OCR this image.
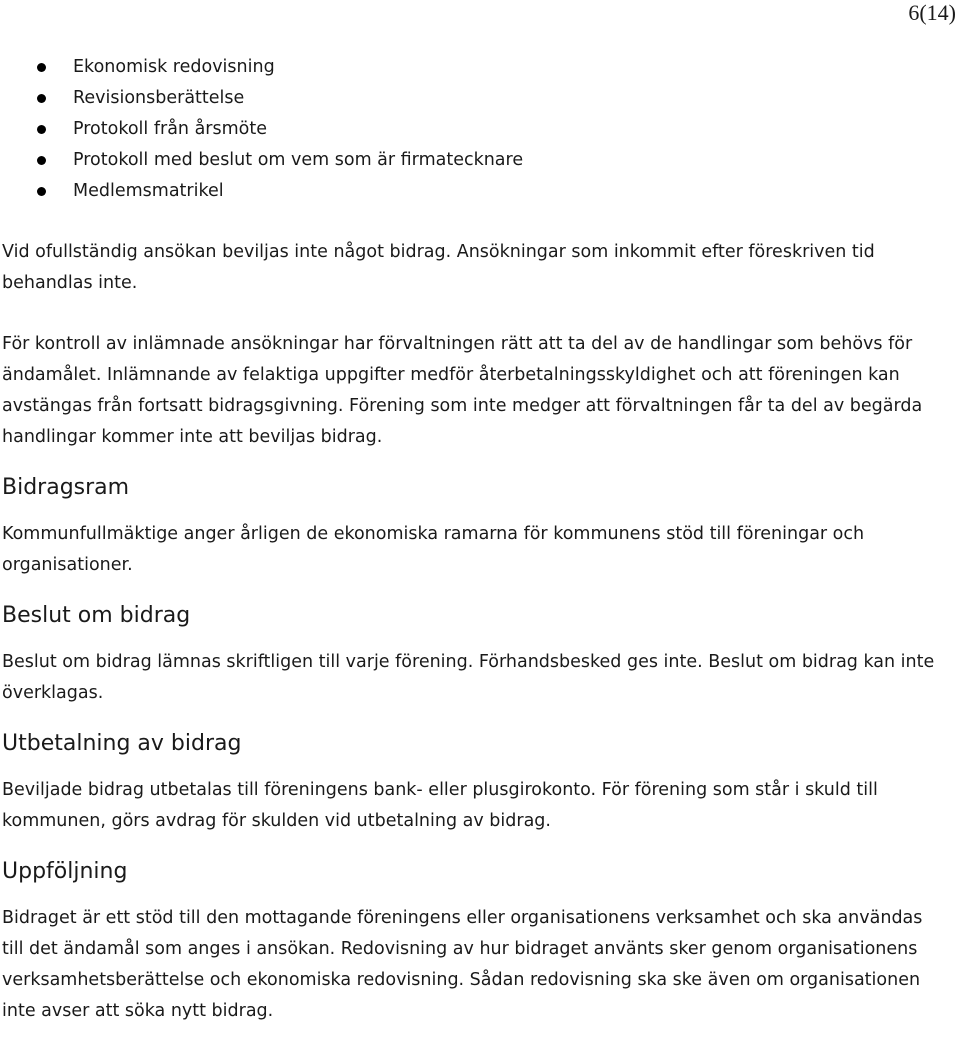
6(14)
Ekonomisk redovisning
Revisionsberättelse
Protokoll från årsmöte
Protokoll med beslut om vem som är firmatecknare
Medlemsmatrikel

Vid ofullständig ansökan beviljas inte något bidrag. Ansökningar som inkommit efter föreskriven tid
behandlas inte.

För kontroll av inlämnade ansökningar har förvaltningen rätt att ta del av de handlingar som behövs för
ändamålet. Inlämnande av felaktiga uppgifter medför återbetalningsskyldighet och att föreningen kan
avstängas från fortsatt bidragsgivning. Förening som inte medger att förvaltningen får ta del av begärda
handlingar kommer inte att beviljas bidrag.

Bidragsram

Kommunfullmäktige anger årligen de ekonomiska ramarna för kommunens stöd till föreningar och
organisationer.

Beslut om bidrag

Beslut om bidrag lämnas skriftligen till varje förening. Förhandsbesked ges inte. Beslut om bidrag kan inte
överklagas.

Utbetalning av bidrag

Beviljade bidrag utbetalas till föreningens bank- eller plusgirokonto. För förening som står i skuld till
kommunen, görs avdrag för skulden vid utbetalning av bidrag.

Uppföljning

Bidraget är ett stöd till den mottagande föreningens eller organisationens verksamhet och ska användas
till det ändamål som anges i ansökan. Redovisning av hur bidraget använts sker genom organisationens
verksamhetsberättelse och ekonomiska redovisning. Sådan redovisning ska ske även om organisationen
inte avser att söka nytt bidrag.
